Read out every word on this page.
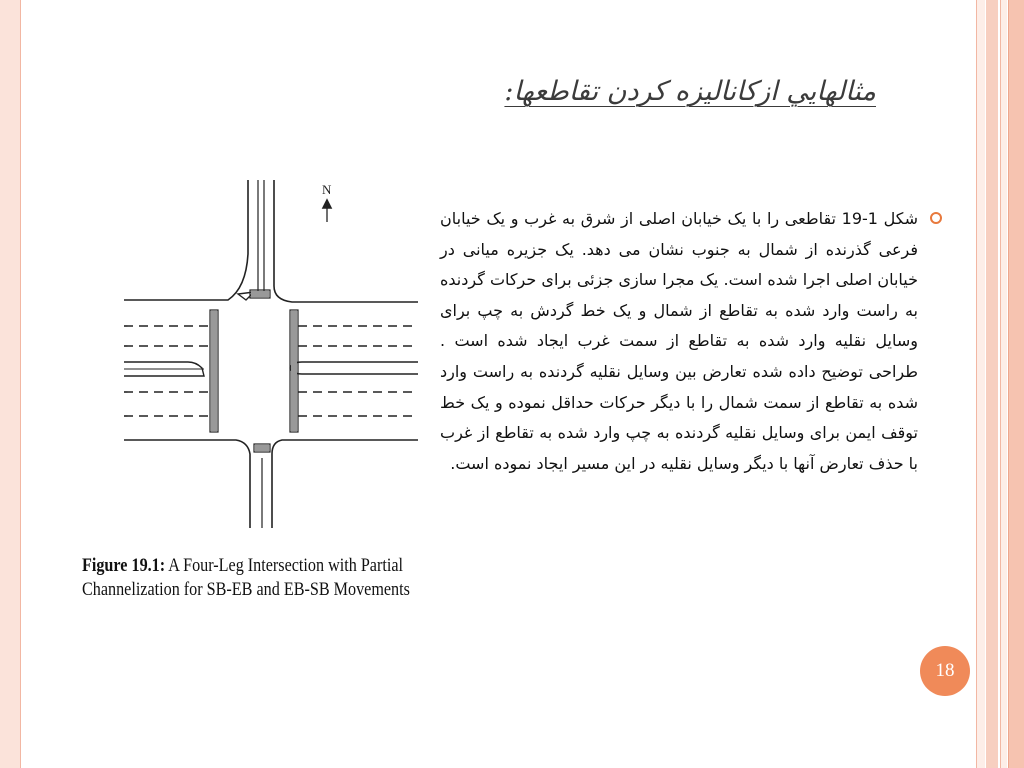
مثالهايي ازكانالیزه کردن تقاطعها:
N
Figure 19.1: A Four-Leg Intersection with Partial Channelization for SB-EB and EB-SB Movements
شکل 1-19 تقاطعی را با یک خیابان اصلی از شرق به غرب و یک خیابان فرعی گذرنده از شمال به جنوب نشان می دهد. یک جزیره میانی در خیابان اصلی اجرا شده است. یک مجرا سازی جزئی برای حرکات گردنده به راست وارد شده به تقاطع از شمال و یک خط گردش به چپ برای وسایل نقلیه وارد شده به تقاطع از سمت غرب ایجاد شده است . طراحی توضیح داده شده تعارض بین وسایل نقلیه گردنده به راست وارد شده به تقاطع از سمت شمال را با دیگر حرکات حداقل نموده و یک خط توقف ایمن برای وسایل نقلیه گردنده به چپ وارد شده به تقاطع از غرب با حذف تعارض آنها با دیگر وسایل نقلیه در این مسیر ایجاد نموده است.
18
